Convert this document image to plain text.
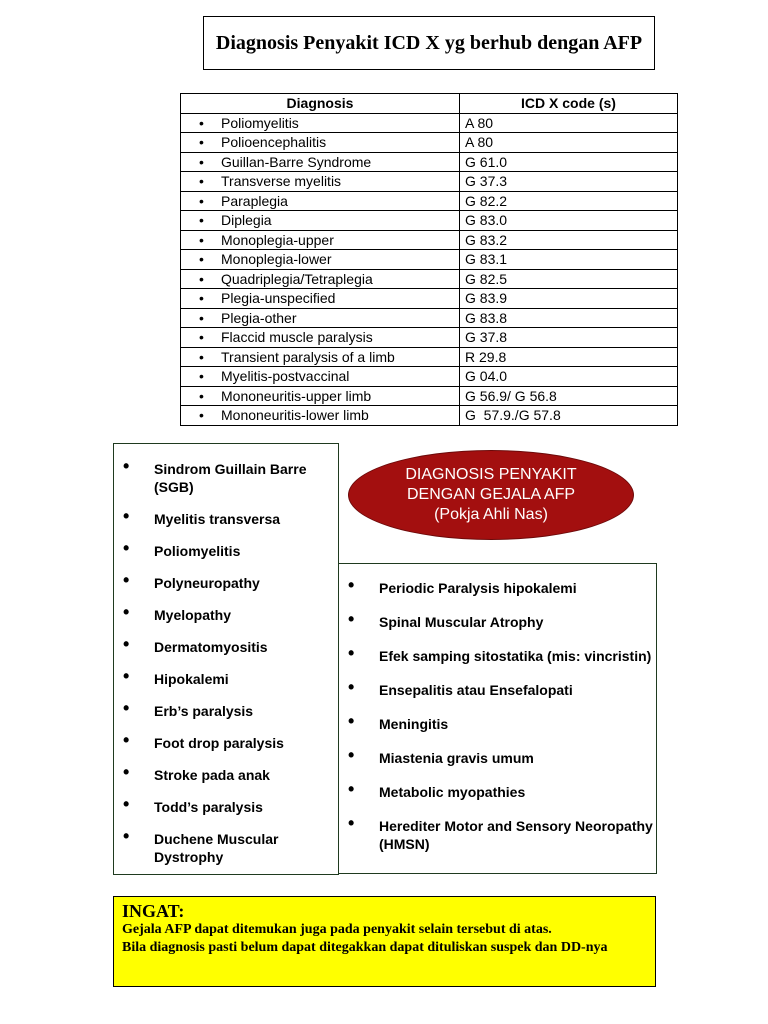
Diagnosis Penyakit ICD X yg berhub dengan AFP
Diagnosis	ICD X code (s)
• Poliomyelitis	A 80
• Polioencephalitis	A 80
• Guillan-Barre Syndrome	G 61.0
• Transverse myelitis	G 37.3
• Paraplegia	G 82.2
• Diplegia	G 83.0
• Monoplegia-upper	G 83.2
• Monoplegia-lower	G 83.1
• Quadriplegia/Tetraplegia	G 82.5
• Plegia-unspecified	G 83.9
• Plegia-other	G 83.8
• Flaccid muscle paralysis	G 37.8
• Transient paralysis of a limb	R 29.8
• Myelitis-postvaccinal	G 04.0
• Mononeuritis-upper limb	G 56.9/ G 56.8
• Mononeuritis-lower limb	G  57.9./G 57.8
• Sindrom Guillain Barre (SGB)
• Myelitis transversa
• Poliomyelitis
• Polyneuropathy
• Myelopathy
• Dermatomyositis
• Hipokalemi
• Erb’s paralysis
• Foot drop paralysis
• Stroke pada anak
• Todd’s paralysis
• Duchene Muscular Dystrophy
• Periodic Paralysis hipokalemi
• Spinal Muscular Atrophy
• Efek samping sitostatika (mis: vincristin)
• Ensepalitis atau Ensefalopati
• Meningitis
• Miastenia gravis umum
• Metabolic myopathies
• Herediter Motor and Sensory Neoropathy (HMSN)
DIAGNOSIS PENYAKIT
DENGAN GEJALA AFP
(Pokja Ahli Nas)
INGAT:
Gejala AFP dapat ditemukan juga pada penyakit selain tersebut di atas.
Bila diagnosis pasti belum dapat ditegakkan dapat dituliskan suspek dan DD-nya
